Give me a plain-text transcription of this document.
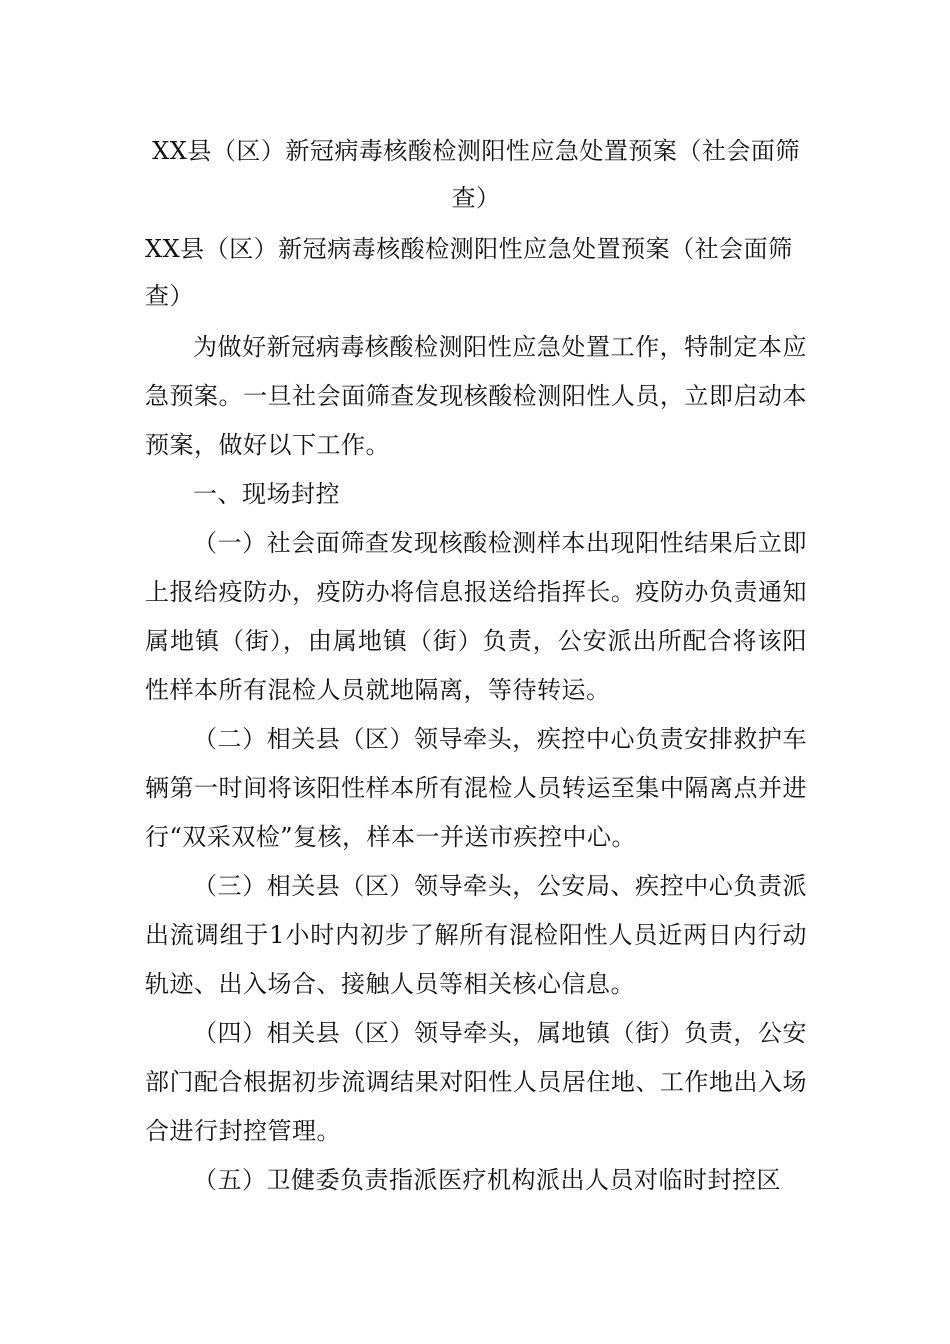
XX县（区）新冠病毒核酸检测阳性应急处置预案（社会面筛查）

XX县（区）新冠病毒核酸检测阳性应急处置预案（社会面筛查）

为做好新冠病毒核酸检测阳性应急处置工作，特制定本应急预案。一旦社会面筛查发现核酸检测阳性人员，立即启动本预案，做好以下工作。

一、现场封控

（一）社会面筛查发现核酸检测样本出现阳性结果后立即上报给疫防办，疫防办将信息报送给指挥长。疫防办负责通知属地镇（街），由属地镇（街）负责，公安派出所配合将该阳性样本所有混检人员就地隔离，等待转运。

（二）相关县（区）领导牵头，疾控中心负责安排救护车辆第一时间将该阳性样本所有混检人员转运至集中隔离点并进行“双采双检”复核，样本一并送市疾控中心。

（三）相关县（区）领导牵头，公安局、疾控中心负责派出流调组于1小时内初步了解所有混检阳性人员近两日内行动轨迹、出入场合、接触人员等相关核心信息。

（四）相关县（区）领导牵头，属地镇（街）负责，公安部门配合根据初步流调结果对阳性人员居住地、工作地出入场合进行封控管理。

（五）卫健委负责指派医疗机构派出人员对临时封控区
